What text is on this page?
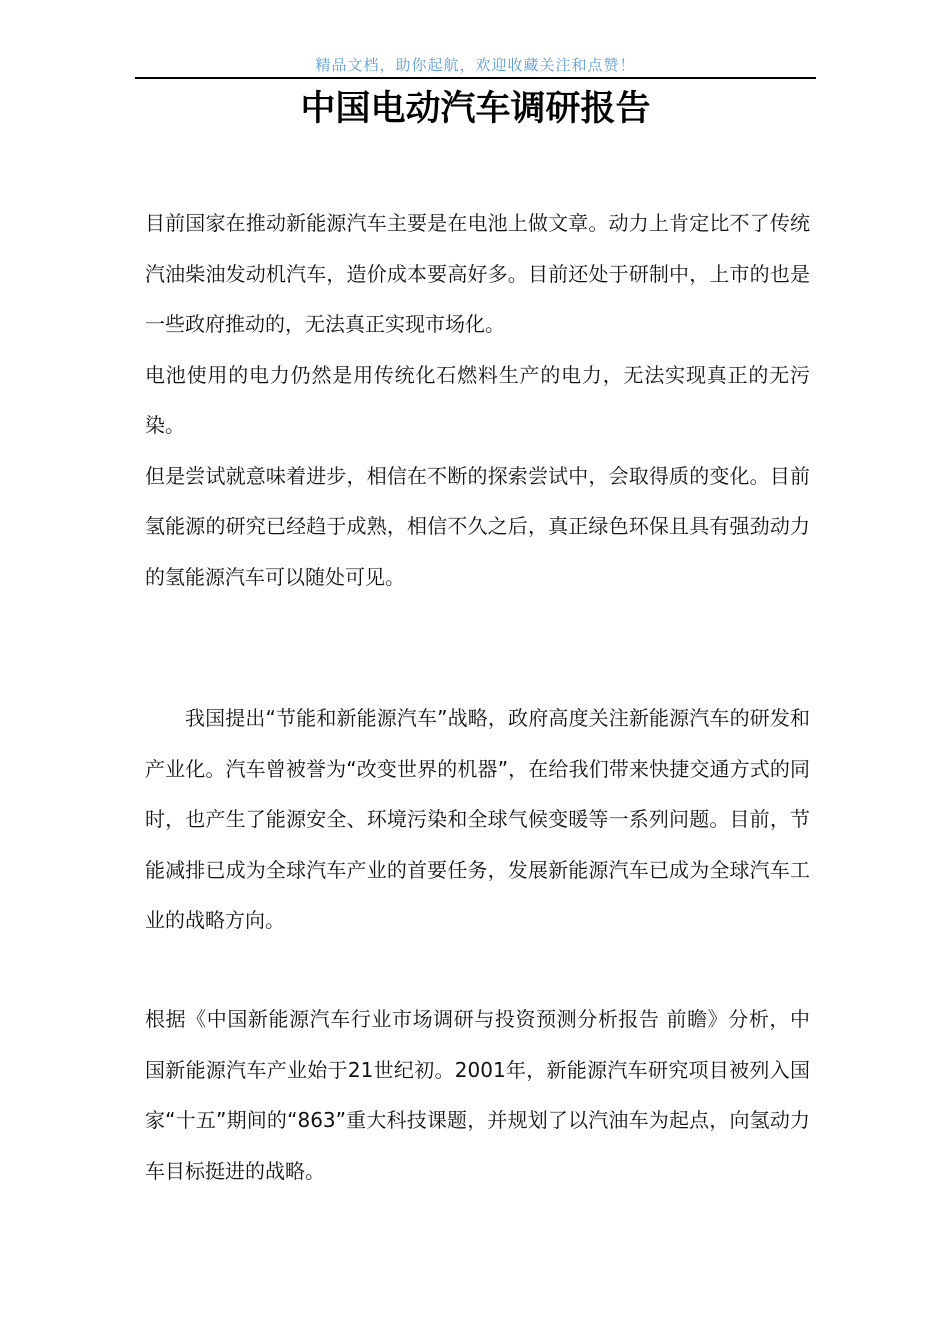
精品文档，助你起航，欢迎收藏关注和点赞！
中国电动汽车调研报告

目前国家在推动新能源汽车主要是在电池上做文章。动力上肯定比不了传统汽油柴油发动机汽车，造价成本要高好多。目前还处于研制中，上市的也是一些政府推动的，无法真正实现市场化。

电池使用的电力仍然是用传统化石燃料生产的电力，无法实现真正的无污染。

但是尝试就意味着进步，相信在不断的探索尝试中，会取得质的变化。目前氢能源的研究已经趋于成熟，相信不久之后，真正绿色环保且具有强劲动力的氢能源汽车可以随处可见。

我国提出“节能和新能源汽车”战略，政府高度关注新能源汽车的研发和产业化。汽车曾被誉为“改变世界的机器”，在给我们带来快捷交通方式的同时，也产生了能源安全、环境污染和全球气候变暖等一系列问题。目前，节能减排已成为全球汽车产业的首要任务，发展新能源汽车已成为全球汽车工业的战略方向。

根据《中国新能源汽车行业市场调研与投资预测分析报告 前瞻》分析，中国新能源汽车产业始于21世纪初。2001年，新能源汽车研究项目被列入国家“十五”期间的“863”重大科技课题，并规划了以汽油车为起点，向氢动力车目标挺进的战略。
